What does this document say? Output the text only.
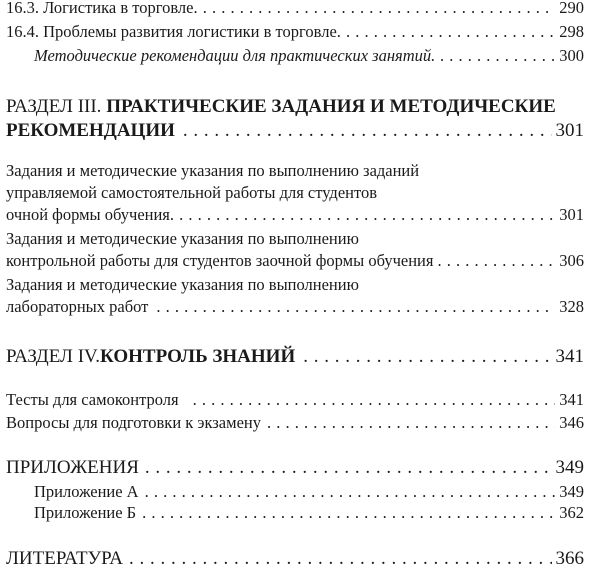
16.3. Логистика в торговле . . .	290
16.4. Проблемы развития логистики в торговле . . .	298
Методические рекомендации для практических занятий . . .	300
РАЗДЕЛ III. ПРАКТИЧЕСКИЕ ЗАДАНИЯ И МЕТОДИЧЕСКИЕ
РЕКОМЕНДАЦИИ . . .	301
Задания и методические указания по выполнению заданий
управляемой самостоятельной работы для студентов
очной формы обучения . . .	301
Задания и методические указания по выполнению
контрольной работы для студентов заочной формы обучения . . .	306
Задания и методические указания по выполнению
лабораторных работ . . .	328
РАЗДЕЛ IV. КОНТРОЛЬ ЗНАНИЙ . . .	341
Тесты для самоконтроля . . .	341
Вопросы для подготовки к экзамену . . .	346
ПРИЛОЖЕНИЯ . . .	349
Приложение А . . .	349
Приложение Б . . .	362
ЛИТЕРАТУРА . . .	366
